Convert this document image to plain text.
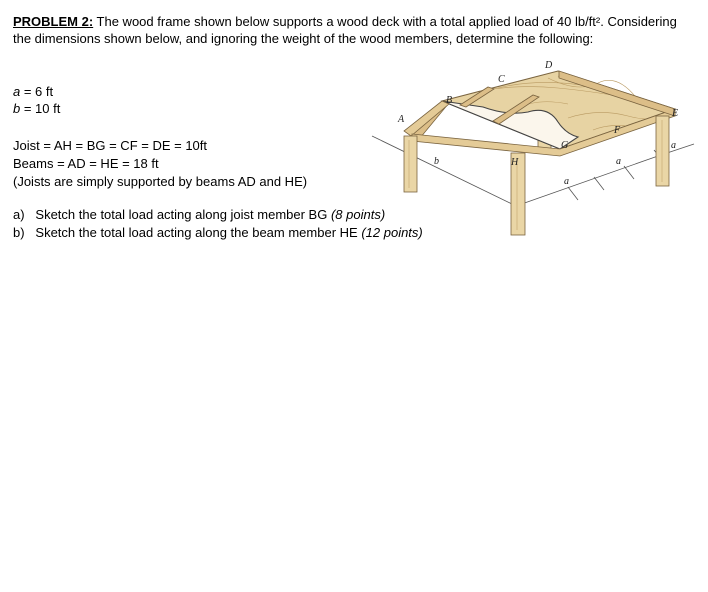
PROBLEM 2: The wood frame shown below supports a wood deck with a total applied load of 40 lb/ft². Considering the dimensions shown below, and ignoring the weight of the wood members, determine the following:
a = 6 ft
b = 10 ft
Joist = AH = BG = CF = DE = 10ft
Beams = AD = HE = 18 ft
(Joists are simply supported by beams AD and HE)
a) Sketch the total load acting along joist member BG (8 points)
b) Sketch the total load acting along the beam member HE (12 points)
A
B
C
D
E
F
G
H
b
a
a
a
